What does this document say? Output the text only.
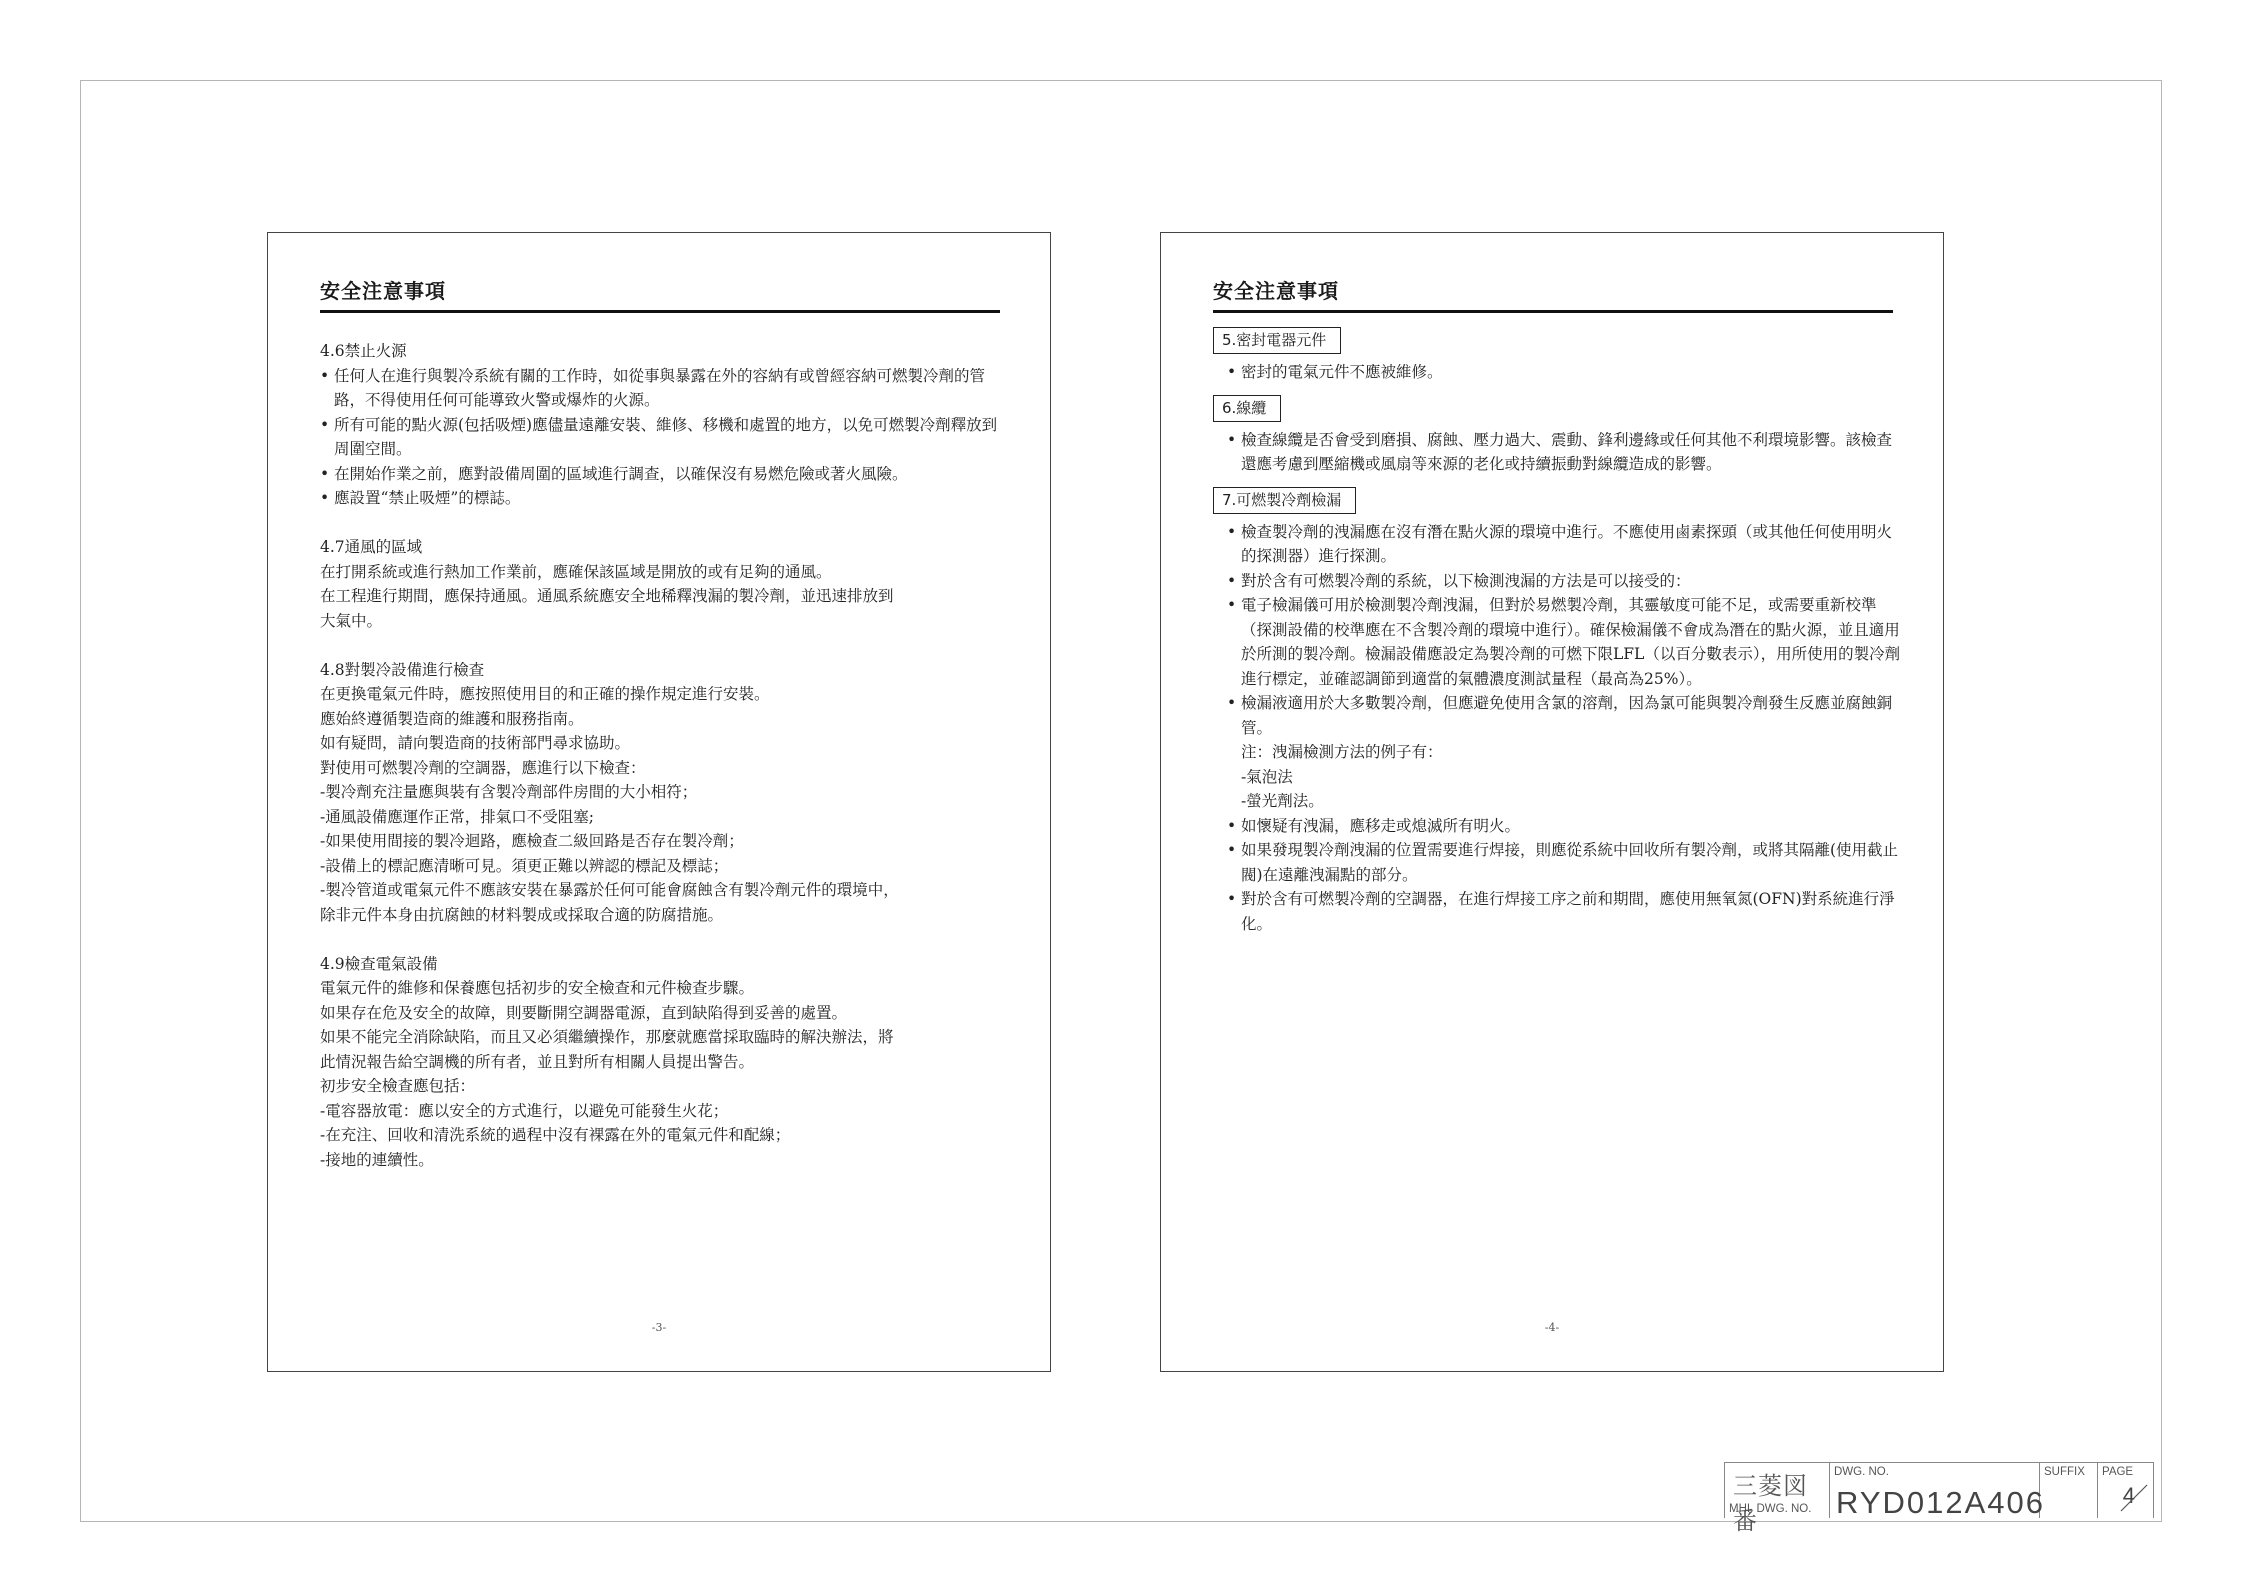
安全注意事項
4.6禁止火源
• 任何人在進行與製冷系統有關的工作時，如從事與暴露在外的容納有或曾經容納可燃製冷劑的管路，不得使用任何可能導致火警或爆炸的火源。
• 所有可能的點火源(包括吸煙)應儘量遠離安裝、維修、移機和處置的地方，以免可燃製冷劑釋放到周圍空間。
• 在開始作業之前，應對設備周圍的區域進行調查，以確保沒有易燃危險或著火風險。
• 應設置“禁止吸煙”的標誌。
4.7通風的區域
在打開系統或進行熱加工作業前，應確保該區域是開放的或有足夠的通風。
在工程進行期間，應保持通風。通風系統應安全地稀釋洩漏的製冷劑，並迅速排放到
大氣中。
4.8對製冷設備進行檢查
在更換電氣元件時，應按照使用目的和正確的操作規定進行安裝。
應始終遵循製造商的維護和服務指南。
如有疑問，請向製造商的技術部門尋求協助。
對使用可燃製冷劑的空調器，應進行以下檢查：
-製冷劑充注量應與裝有含製冷劑部件房間的大小相符；
-通風設備應運作正常，排氣口不受阻塞;
-如果使用間接的製冷迴路，應檢查二級回路是否存在製冷劑；
-設備上的標記應清晰可見。須更正難以辨認的標記及標誌；
-製冷管道或電氣元件不應該安裝在暴露於任何可能會腐蝕含有製冷劑元件的環境中，
除非元件本身由抗腐蝕的材料製成或採取合適的防腐措施。
4.9檢查電氣設備
電氣元件的維修和保養應包括初步的安全檢查和元件檢查步驟。
如果存在危及安全的故障，則要斷開空調器電源，直到缺陷得到妥善的處置。
如果不能完全消除缺陷，而且又必須繼續操作，那麼就應當採取臨時的解決辦法，將
此情況報告給空調機的所有者，並且對所有相關人員提出警告。
初步安全檢查應包括：
-電容器放電：應以安全的方式進行，以避免可能發生火花；
-在充注、回收和清洗系統的過程中沒有裸露在外的電氣元件和配線；
-接地的連續性。
-3-
安全注意事項
5.密封電器元件
• 密封的電氣元件不應被維修。
6.線纜
• 檢查線纜是否會受到磨損、腐蝕、壓力過大、震動、鋒利邊緣或任何其他不利環境影響。該檢查還應考慮到壓縮機或風扇等來源的老化或持續振動對線纜造成的影響。
7.可燃製冷劑檢漏
• 檢查製冷劑的洩漏應在沒有潛在點火源的環境中進行。不應使用鹵素探頭（或其他任何使用明火的探測器）進行探測。
• 對於含有可燃製冷劑的系統，以下檢測洩漏的方法是可以接受的：
• 電子檢漏儀可用於檢測製冷劑洩漏，但對於易燃製冷劑，其靈敏度可能不足，或需要重新校準（探測設備的校準應在不含製冷劑的環境中進行）。確保檢漏儀不會成為潛在的點火源，並且適用於所測的製冷劑。檢漏設備應設定為製冷劑的可燃下限LFL（以百分數表示），用所使用的製冷劑進行標定，並確認調節到適當的氣體濃度測試量程（最高為25%）。
• 檢漏液適用於大多數製冷劑，但應避免使用含氯的溶劑，因為氯可能與製冷劑發生反應並腐蝕銅管。
注：洩漏檢測方法的例子有：
-氣泡法
-螢光劑法。
• 如懷疑有洩漏，應移走或熄滅所有明火。
• 如果發現製冷劑洩漏的位置需要進行焊接，則應從系統中回收所有製冷劑，或將其隔離(使用截止閥)在遠離洩漏點的部分。
• 對於含有可燃製冷劑的空調器，在進行焊接工序之前和期間，應使用無氧氮(OFN)對系統進行淨化。
-4-
三菱図番
MHI. DWG. NO.
DWG. NO.
RYD012A406
SUFFIX PAGE
4
